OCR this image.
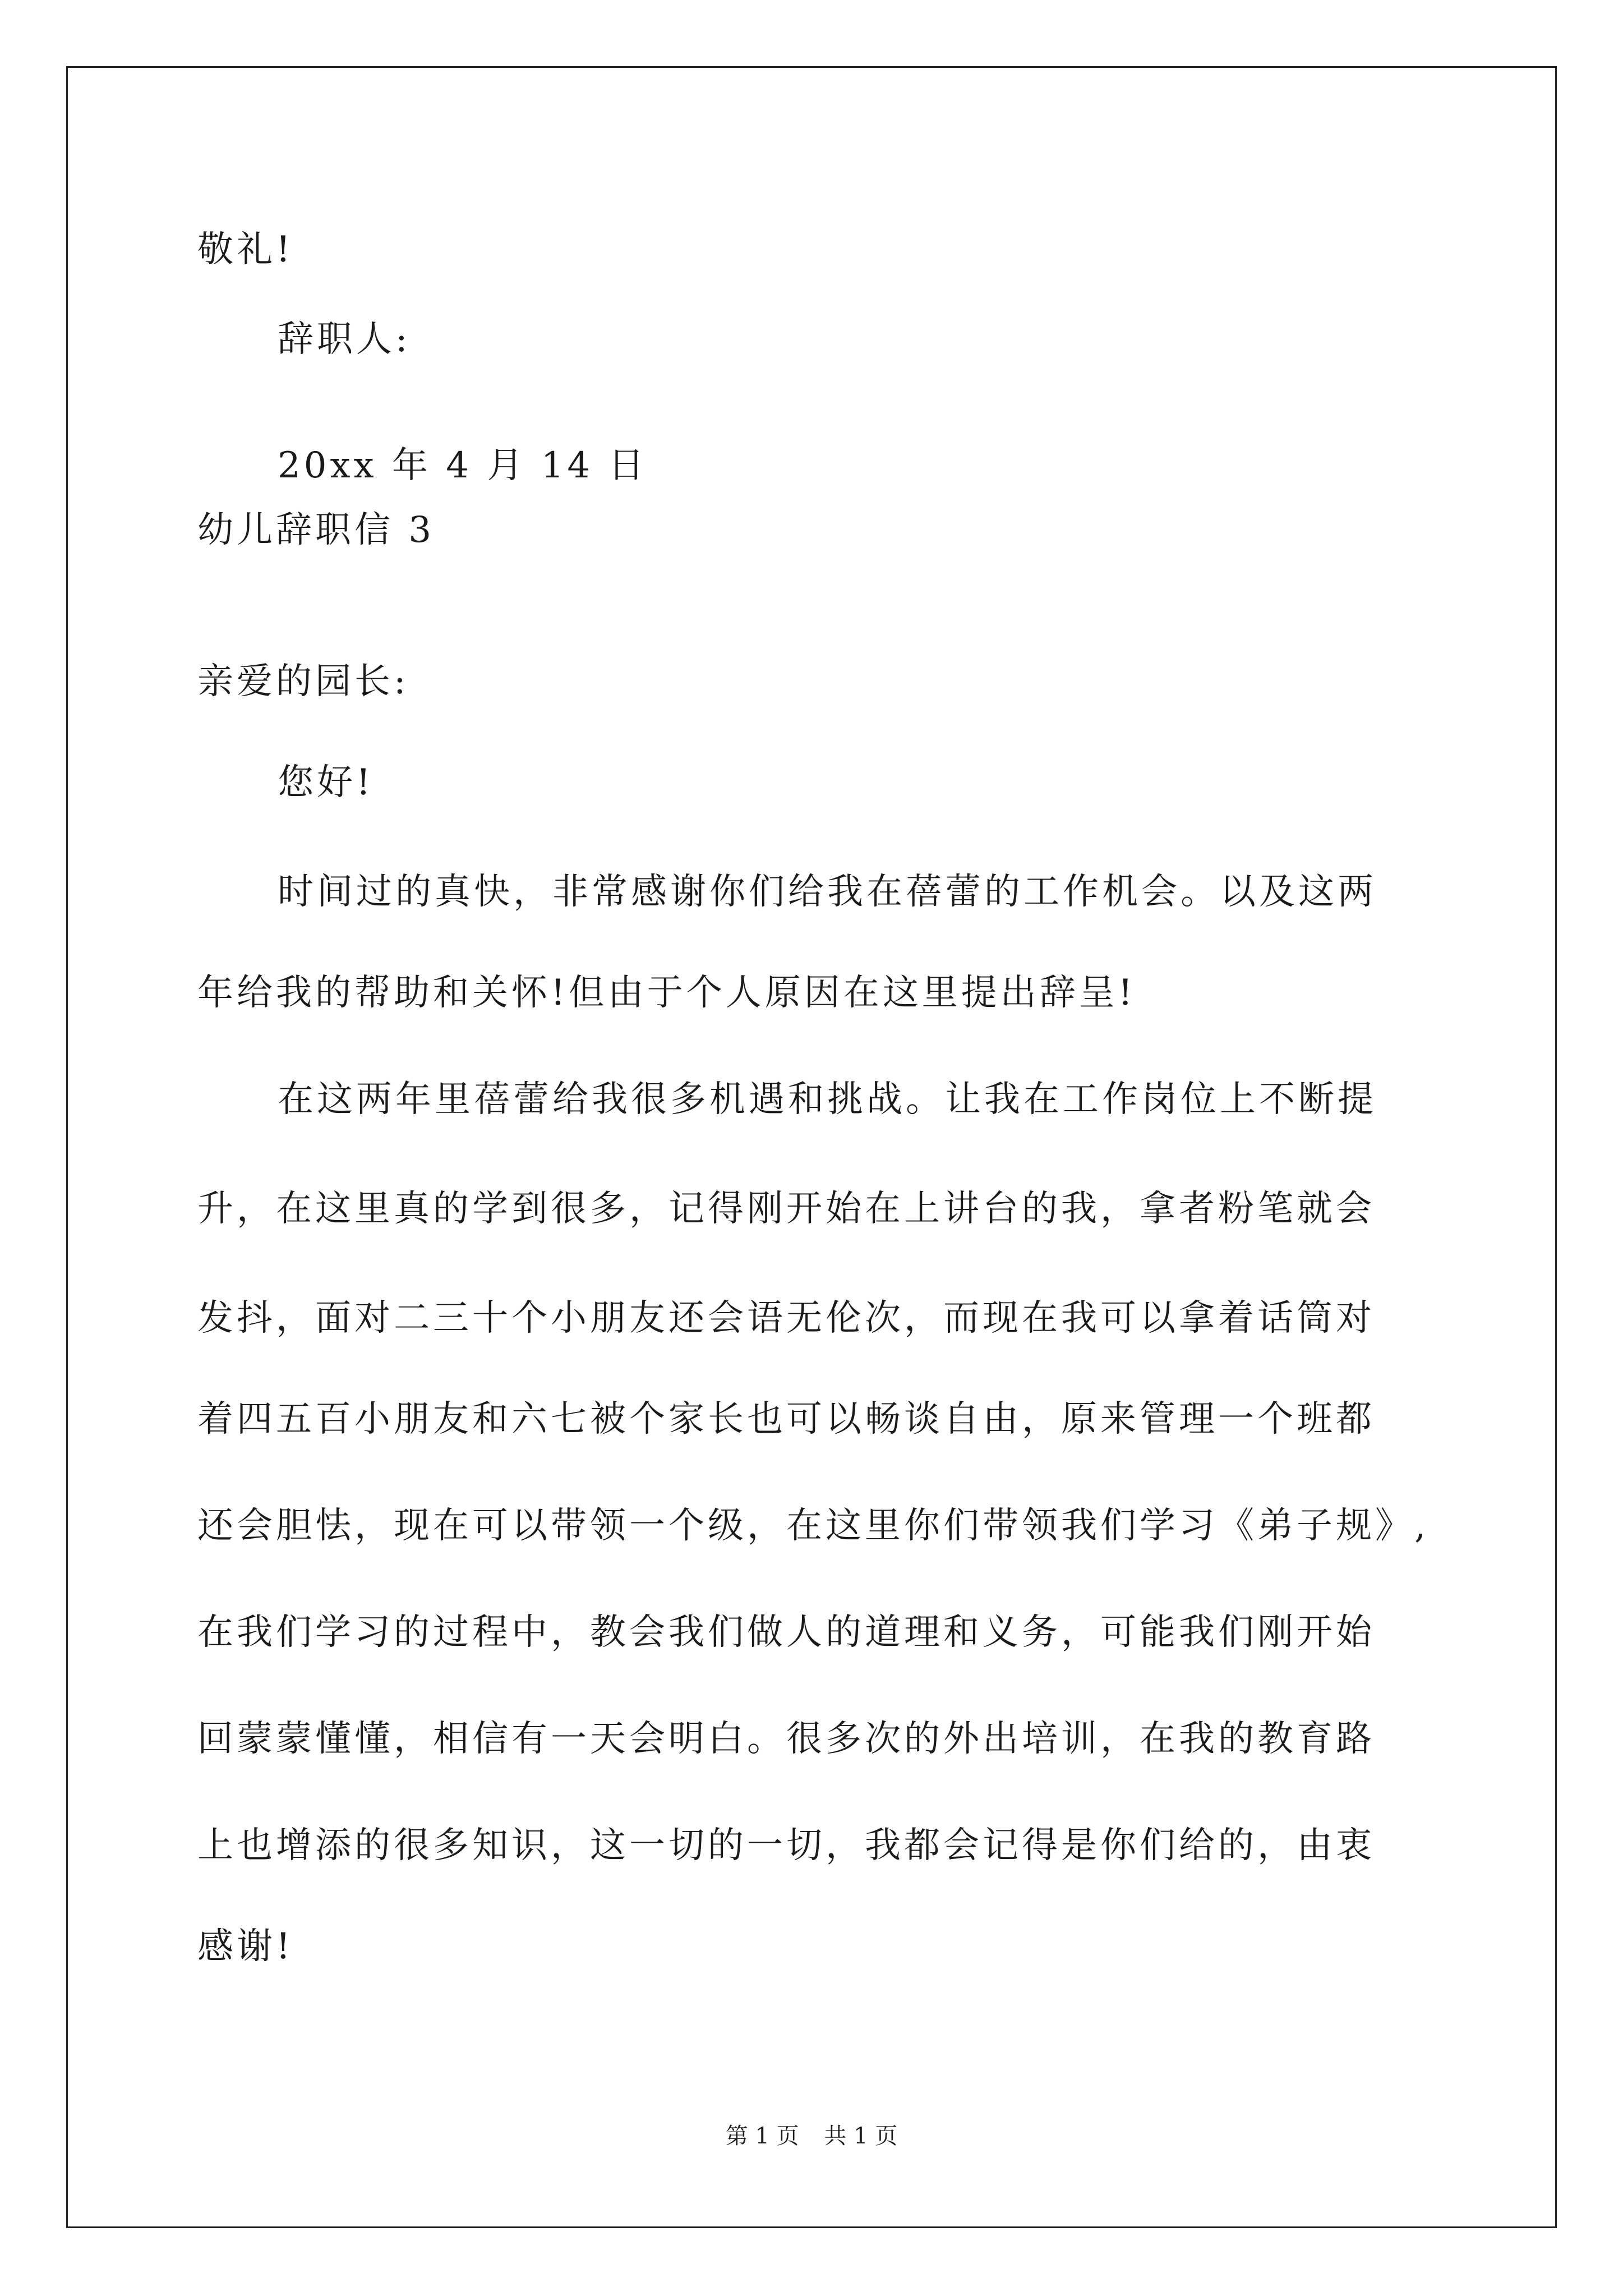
敬礼!
辞职人:
20xx 年 4 月 14 日
幼儿辞职信 3
亲爱的园长:
您好!
时间过的真快，非常感谢你们给我在蓓蕾的工作机会。以及这两
年给我的帮助和关怀!但由于个人原因在这里提出辞呈!
在这两年里蓓蕾给我很多机遇和挑战。让我在工作岗位上不断提
升，在这里真的学到很多，记得刚开始在上讲台的我，拿者粉笔就会
发抖，面对二三十个小朋友还会语无伦次，而现在我可以拿着话筒对
着四五百小朋友和六七被个家长也可以畅谈自由，原来管理一个班都
还会胆怯，现在可以带领一个级，在这里你们带领我们学习《弟子规》,
在我们学习的过程中，教会我们做人的道理和义务，可能我们刚开始
回蒙蒙懂懂，相信有一天会明白。很多次的外出培训，在我的教育路
上也增添的很多知识，这一切的一切，我都会记得是你们给的，由衷
感谢!
第 1 页 共 1 页
